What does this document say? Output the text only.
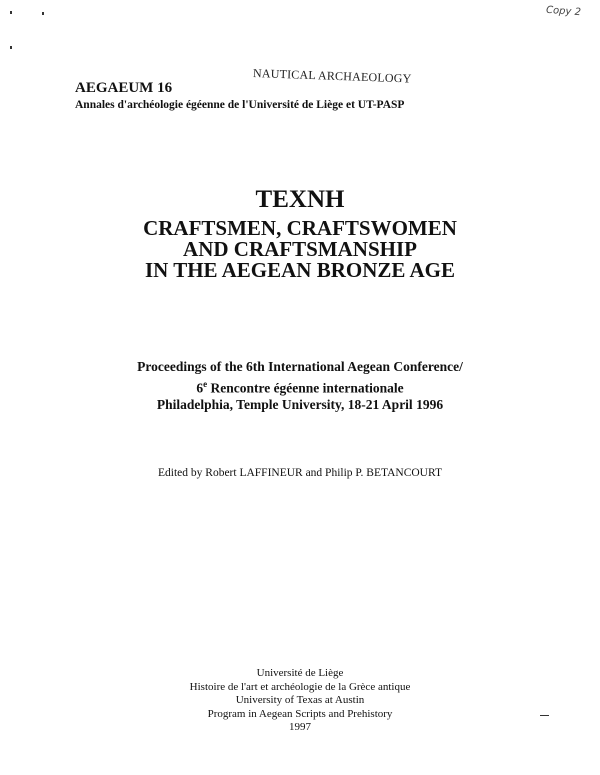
Copy 2
NAUTICAL ARCHAEOLOGY
AEGAEUM 16
Annales d'archéologie égéenne de l'Université de Liège et UT-PASP
TEXNH
CRAFTSMEN, CRAFTSWOMEN
AND CRAFTSMANSHIP
IN THE AEGEAN BRONZE AGE
Proceedings of the 6th International Aegean Conference/
6e Rencontre égéenne internationale
Philadelphia, Temple University, 18-21 April 1996
Edited by Robert LAFFINEUR and Philip P. BETANCOURT
Université de Liège
Histoire de l'art et archéologie de la Grèce antique
University of Texas at Austin
Program in Aegean Scripts and Prehistory
1997
